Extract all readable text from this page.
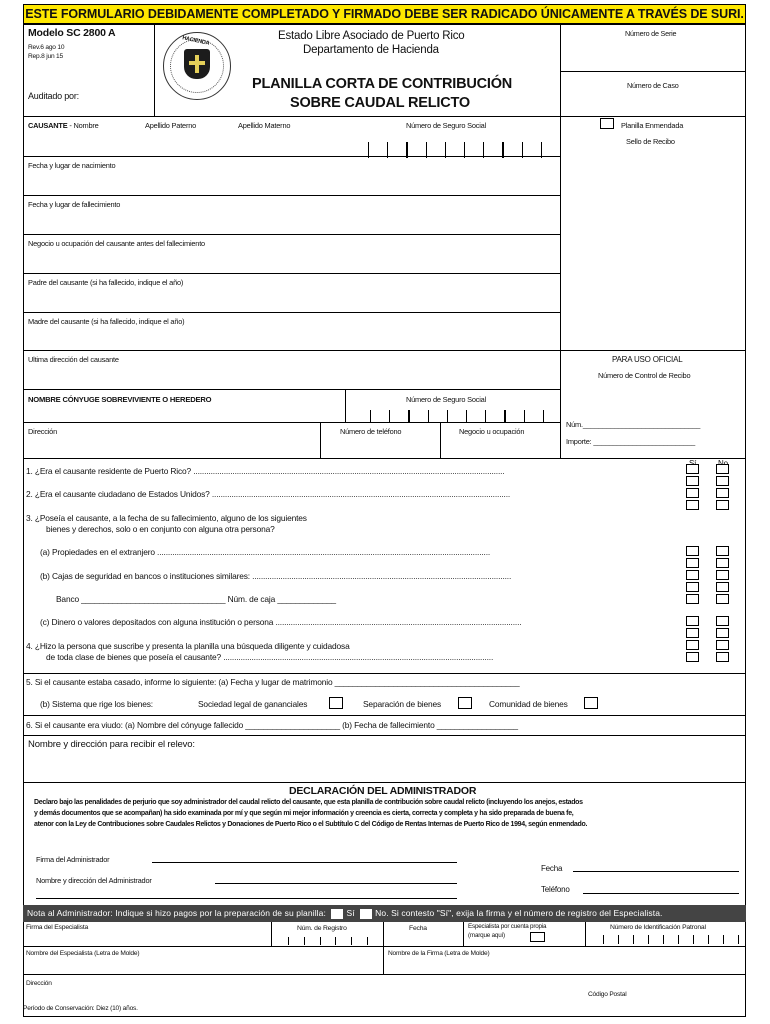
ESTE FORMULARIO DEBIDAMENTE COMPLETADO Y FIRMADO DEBE SER RADICADO ÚNICAMENTE A TRAVÉS DE SURI.
Modelo SC 2800 A
Rev.6 ago 10
Rep.8 jun 15
Auditado por:
HACIENDA	Estado Libre Asociado de Puerto Rico
Departamento de Hacienda
PLANILLA CORTA DE CONTRIBUCIÓN
SOBRE CAUDAL RELICTO
Número de Serie
Número de Caso
Planilla Enmendada
Sello de Recibo
CAUSANTE - Nombre	Apellido Paterno	Apellido Materno	Número de Seguro Social
Fecha y lugar de nacimiento
Fecha y lugar de fallecimiento
Negocio u ocupación del causante antes del fallecimiento
Padre del causante (si ha fallecido, indique el año)
Madre del causante (si ha fallecido, indique el año)
Ultima dirección del causante	PARA USO OFICIAL
Número de Control de Recibo
Núm.______________________________
Importe: __________________________
NOMBRE CÓNYUGE SOBREVIVIENTE O HEREDERO	Número de Seguro Social
Dirección	Número de teléfono	Negocio u ocupación
1. ¿Era el causante residente de Puerto Rico? ...............................................................................................................................................
2. ¿Era el causante ciudadano de Estados Unidos? .........................................................................................................................................
3. ¿Poseía el causante, a la fecha de su fallecimiento, alguno de los siguientes
bienes y derechos, solo o en conjunto con alguna otra persona?
(a) Propiedades en el extranjero .........................................................................................................................................................
(b) Cajas de seguridad en bancos o instituciones similares: .......................................................................................................................
Banco ________________________________ Núm. de caja _____________
(c) Dinero o valores depositados con alguna institución o persona .................................................................................................................
4. ¿Hizo la persona que suscribe y presenta la planilla una búsqueda diligente y cuidadosa
de toda clase de bienes que poseía el causante? ............................................................................................................................
5. Si el causante estaba casado, informe lo siguiente: (a) Fecha y lugar de matrimonio _________________________________________
(b) Sistema que rige los bienes:	Sociedad legal de gananciales	Separación de bienes	Comunidad de bienes
6. Si el causante era viudo: (a) Nombre del cónyuge fallecido _____________________ (b) Fecha de fallecimiento __________________
Nombre y dirección para recibir el relevo:
DECLARACIÓN DEL ADMINISTRADOR
Declaro bajo las penalidades de perjurio que soy administrador del caudal relicto del causante, que esta planilla de contribución sobre caudal relicto (incluyendo los anejos, estados
y demás documentos que se acompañan) ha sido examinada por mí y que según mi mejor información y creencia es cierta, correcta y completa y ha sido preparada de buena fe,
atenor con la Ley de Contribuciones sobre Caudales Relictos y Donaciones de Puerto Rico o el Subtítulo C del Código de Rentas Internas de Puerto Rico de 1994, según enmendado.
Firma del Administrador
Nombre y dirección del Administrador
Fecha
Teléfono
Nota al Administrador: Indique si hizo pagos por la preparación de su planilla: Sí No. Si contesto "Sí", exija la firma y el número de registro del Especialista.
Firma del Especialista	Núm. de Registro	Fecha	Especialista por cuenta propia
(marque aquí)
Número de Identificación Patronal
Nombre del Especialista (Letra de Molde)	Nombre de la Firma (Letra de Molde)
Dirección
Código Postal
Período de Conservación: Diez (10) años.
